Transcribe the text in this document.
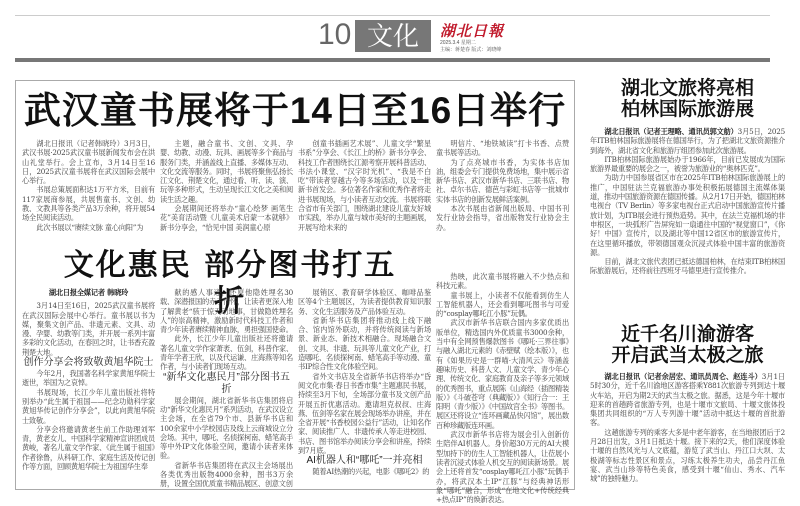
10 文化	湖北日報
2025.3.4 星期二
主编：蒋楚春 版式：刘晓峰
武汉童书展将于14日至16日举行

湖北日报讯（记者韩晓玲）3月3日，武汉书展·2025武汉童书展新闻发布会在洪山礼堂举行。会上宣布，3月14日至16日，2025武汉童书展将在武汉国际会展中心举行。

书展总策展面积达1万平方米，目前有117家展商参展，共展售童书、文创、幼教、文教具等各类产品3万余种，将开展54场全民阅读活动。

此次书展以“赓续文脉 童心向阳”为

主题，融合童书、文创、文具、孕婴、幼教、动漫、玩具、画展等多个商品与服务门类，并涵盖线上直播、多媒体互动、文化交流等服务。同时，书展将聚焦弘扬长江文化、荆楚文化，通过看、听、读、演、玩等多种形式，生动呈现长江文化之美和阅读生活之趣。

会展期间还将举办“童心绘梦 画笔生花”美育活动暨《儿童美术启蒙一本就够》新书分享会，“恰见中国 美润童心原

创童书插画艺术展”、儿童文学“繁星书系”分享会、《长江上的桥》新书分享会、科技工作者围绕长江源考察开展科普活动、书法小课堂、“汉字时光机”、“我是不白吃”带读者穿越古今等多场活动，以及一批新书首发会。多位著名作家和优秀作者将走进书展现场，与小读者互动交流。书展将联合省市有关部门，围绕湖北建设儿童友好城市实践，举办儿童与城市美好的主题画展，开展写给未来的

明信片、“地铁城读”打卡书香、点赞童书展等活动。

为了点亮城市书香，为实体书店加油，组委会专门提供免费场地，集中展示省新华书店、武汉市新华书店、三联书店、物社、卓尔书店、德芭与彩虹书店等一批城市实体书店的创新发展鲜活案例。

本次书展由省新闻出版局、中国书刊发行业协会指导，省出版物发行业协会主办。

文化惠民 部分图书打五折

湖北日报全媒记者 韩晓玲

3月14日至16日，2025武汉童书展将在武汉国际会展中心举行。童书展以书为媒，聚集文创产品、非遗元素、文具、动漫、孕婴、幼教等门类，并开展一系列丰富多彩的文化活动，在春回之时，让书香充盈荆楚大地。

创作分享会将致敬黄旭华院士

今年2月，我国著名科学家黄旭华院士逝世，举国为之哀悼。

书展现场，长江少年儿童出版社将特别举办“此生属于祖国——纪念功勋科学家黄旭华传记创作分享会”，以此向黄旭华院士致敬。

分享会将邀请黄老生前工作助理刘军青，黄老女儿、中国科学家精神宣讲团成员黄峻，著名儿童文学作家、《此生属于祖国》作者徐鲁，从科研工作、家庭生活及传记创作等方面，回顾黄旭华院士为祖国华生奉

献的感人事迹，还原他隐姓埋名30载、深潜报国的赤子情怀，让读者更深入地了解黄老“骇于惊天动地事，甘做隐姓埋名人”的崇高精神，激励新时代科技工作者和青少年读者赓续精神血脉，勇担强国使命。

此外，长江少年儿童出版社还将邀请著名儿童文学作家萧袤、伍剑，科普作家、青年学者王欣，以及代运谦、庄海燕等知名作者，与小读者们现场互动。

“新华文化惠民月”部分图书五折

展会期间，湖北省新华书店集团将启动“新华文化惠民月”系列活动，在武汉设立主会场，在全省79个市、县新华书店和100余家中小学校园店及线上云商城设立分会场。其中，哪吒、名侦探柯南、蜡笔高手等中外IP文化体验空间，邀请小读者来体验。

省新华书店集团将在武汉主会场展出各类优秀出版物4000余种，图书3万余册，设置全国优质童书精品展区、创意文创

展销区、教育研学体验区、咖啡品鉴区等4个主题展区，为读者提供教育知识服务、文化生活服务及产品体验互动。

省新华书店集团将推动线上线下融合、馆内馆外联动，并将传统阅读与新场景、新业态、新技术相融合。现场融合文创、文具、非遗、玩具等儿童文化产业，打造哪吒、名侦探柯南、蜡笔高手等动漫、童书IP综合性文化体验空间。

省外文书店及全省新华书店将举办“昏阅文化市集·春日书香市集”主题惠民书展，持续至3月下旬，全场部分童书及文创产品开展五折优惠活动。邀请坦克叔叔、庄海燕、伍剑等名家在展会现场举办讲座，并在全省开展“书香校园公益行”活动，让知名作家、阅读推广人、非遗传承人等走进校园、书店、图书馆举办阅读分享会和讲座，持续到7月底。

AI机器人和“哪吒”一并亮相

随着AI热潮的兴起，电影《哪吒2》的

热映，此次童书展将融入不少热点和科技元素。

童书展上，小读者不仅能看到仿生人工智能机器人，还会看到哪吒图书与可爱的“cosplay哪吒江小豚”玩偶。

武汉市新华书店联合国内多家优质出版单位，精选国内外优质童书3000余种，当中有全网预售爆款图书《哪吒·三界往事》与融入湖北元素的《赤壁赋（绘本版）》，也有《如果历史是一群喵·大清风云》等涵盖趣味历史、科普人文、儿童文学、青少年心理、传统文化、家庭教育及亲子等多元领域的优秀图书，重点展陈《山海经（插图精装版）》《斗破苍穹（典藏版）》《知行合一：王阳明（青少版）》《中国故宫全书》等图书。展区还将设立“连环画藏品快闪馆”，展出数百种珍藏版连环画。

武汉市新华书店将为展会引入创新仿生陪伴AI机器人。身价超30万元的AI大模型加持下的仿生人工智能机器人，让莅展小读者沉浸式体验人机交互的阅读新场景。展会上还将首发“cosplay哪吒江小豚”玩偶手办，将武汉本土IP“江豚”与经典神话形象“哪吒”融合，形成“在地文化+传统经典+热点IP”的焕新表达。

湖北文旅将亮相
柏林国际旅游展

湖北日报讯（记者王理略、通讯员郭文舫）3月5日，2025年ITB柏林国际旅游展将在德国举行，为了把湖北文旅资源推介到海外，湖北省文化和旅游厅组团参加此次旅游展。

ITB柏林国际旅游展始办于1966年，目前已发展成为国际旅游界最重要的展会之一，被誉为旅游业的“奥林匹克”。

为助力中国参展省区市在2025年ITB柏林国际旅游展上的推广，中国驻法兰克福旅游办事处积极拓展德国主流媒体渠道，推动中国旅游资源在德国传播。从2月17日开始，德国柏林电视台（TV Berlin）等多家电视台正式启动中国旅游宣传片播放计划，为ITB展会进行预热造势。其中，在法兰克福机场的非申根区，一块弧形广告屏宛如一扇通往中国的“视觉窗口”，《你好！中国》宣传片，以及湖北等中国12省区市的旅游宣传片，在这里循环播放，带领德国观众沉浸式体验中国丰富的旅游资源。

目前，湖北文旅代表团已抵达德国柏林，在结束ITB柏林国际旅游展后，还将前往西班牙马德里进行宣传推介。

近千名川渝游客
开启武当太极之旅

湖北日报讯（记者余居宏、通讯员周仑、赵连斗）3月1日5时30分，近千名川渝地区游客搭乘Y881次旅游专列到达十堰火车站，开启为期2天的武当太极之旅。据悉，这是今年十堰市迎来的首趟跨省旅游专列，也是十堰市文旅局、十堰文旅体投集团共同组织的“万人专列游十堰”活动中抵达十堰的首批游客。

这趟旅游专列的乘客大多是中老年游客，在当地报团后于2月28日出发，3月1日抵达十堰。接下来的2天，他们深度体验十堰的自然风光与人文底蕴，游览了武当山、丹江口大坝、太极湖等标志性景区和景点，习练太极养生功夫，品尝丹江鱼宴、武当山珍等特色美食，感受到十堰“仙山、秀水、汽车城”的独特魅力。
